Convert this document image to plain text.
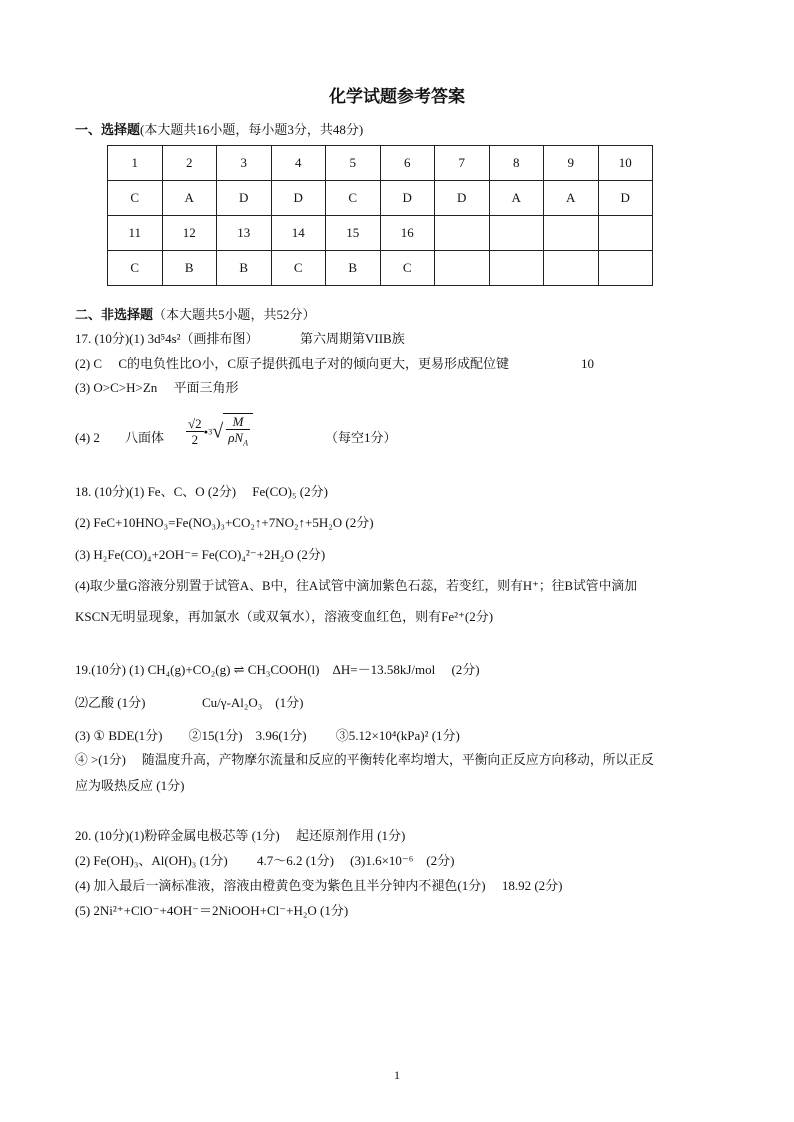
化学试题参考答案
一、选择题(本大题共16小题，每小题3分，共48分)
1	2	3	4	5	6	7	8	9	10
C	A	D	D	C	D	D	A	A	D
11	12	13	14	15	16				
C	B	B	C	B	C				
二、非选择题（本大题共5小题，共52分）
17. (10分)(1) 3d⁵4s²（画排布图）	第六周期第VIIB族
(2) C　 C的电负性比O小，C原子提供孤电子对的倾向更大，更易形成配位键	10
(3) O>C>H>Zn　 平面三角形
(4) 2 八面体 $\frac{√2}{2}$ •3√ $\frac{M}{\rho N_A}$	（每空1分）
18. (10分)(1) Fe、C、O (2分)　 Fe(CO)₅ (2分)
(2) FeC+10HNO₃=Fe(NO₃)₃+CO₂↑+7NO₂↑+5H₂O (2分)
(3) H₂Fe(CO)₄+2OH⁻= Fe(CO)₄²⁻+2H₂O (2分)
(4)取少量G溶液分别置于试管A、B中，往A试管中滴加紫色石蕊，若变红，则有H⁺；往B试管中滴加
KSCN无明显现象，再加氯水（或双氧水），溶液变血红色，则有Fe²⁺(2分)
19.(10分) (1) CH₄(g)+CO₂(g) ⇌ CH₃COOH(l)　ΔH=－13.58kJ/mol　 (2分)
⑵乙酸 (1分)	Cu/γ-Al₂O₃　(1分)
(3) ① BDE(1分)　　②15(1分)　3.96(1分)　　 ③5.12×10⁴(kPa)² (1分)
④ >(1分)　 随温度升高，产物摩尔流量和反应的平衡转化率均增大，平衡向正反应方向移动，所以正反
应为吸热反应 (1分)
20. (10分)(1)粉碎金属电极芯等 (1分)　 起还原剂作用 (1分)
(2) Fe(OH)₃、Al(OH)₃ (1分)　　 4.7～6.2 (1分)　 (3)1.6×10⁻⁶　(2分)
(4) 加入最后一滴标准液，溶液由橙黄色变为紫色且半分钟内不褪色(1分)　 18.92 (2分)
(5) 2Ni²⁺+ClO⁻+4OH⁻＝2NiOOH+Cl⁻+H₂O (1分)
1
